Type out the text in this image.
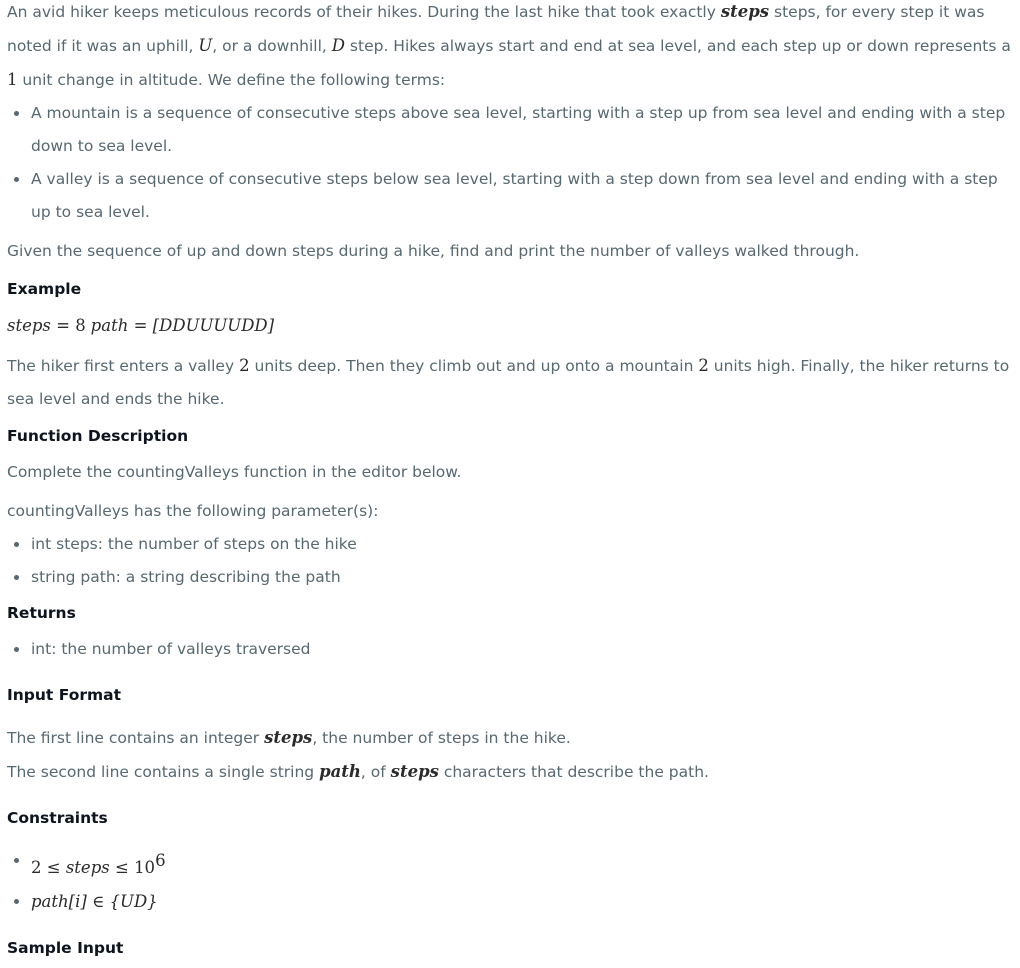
An avid hiker keeps meticulous records of their hikes. During the last hike that took exactly steps steps, for every step it was noted if it was an uphill, U, or a downhill, D step. Hikes always start and end at sea level, and each step up or down represents a 1 unit change in altitude. We define the following terms:

A mountain is a sequence of consecutive steps above sea level, starting with a step up from sea level and ending with a step down to sea level.
A valley is a sequence of consecutive steps below sea level, starting with a step down from sea level and ending with a step up to sea level.

Given the sequence of up and down steps during a hike, find and print the number of valleys walked through.

Example

steps = 8 path = [DDUUUUDD]

The hiker first enters a valley 2 units deep. Then they climb out and up onto a mountain 2 units high. Finally, the hiker returns to sea level and ends the hike.

Function Description

Complete the countingValleys function in the editor below.

countingValleys has the following parameter(s):

int steps: the number of steps on the hike
string path: a string describing the path
Returns
int: the number of valleys traversed
Input Format

The first line contains an integer steps, the number of steps in the hike.

The second line contains a single string path, of steps characters that describe the path.

Constraints
2 ≤ steps ≤ $10^6$
path[i] ∈ {UD}
Sample Input
